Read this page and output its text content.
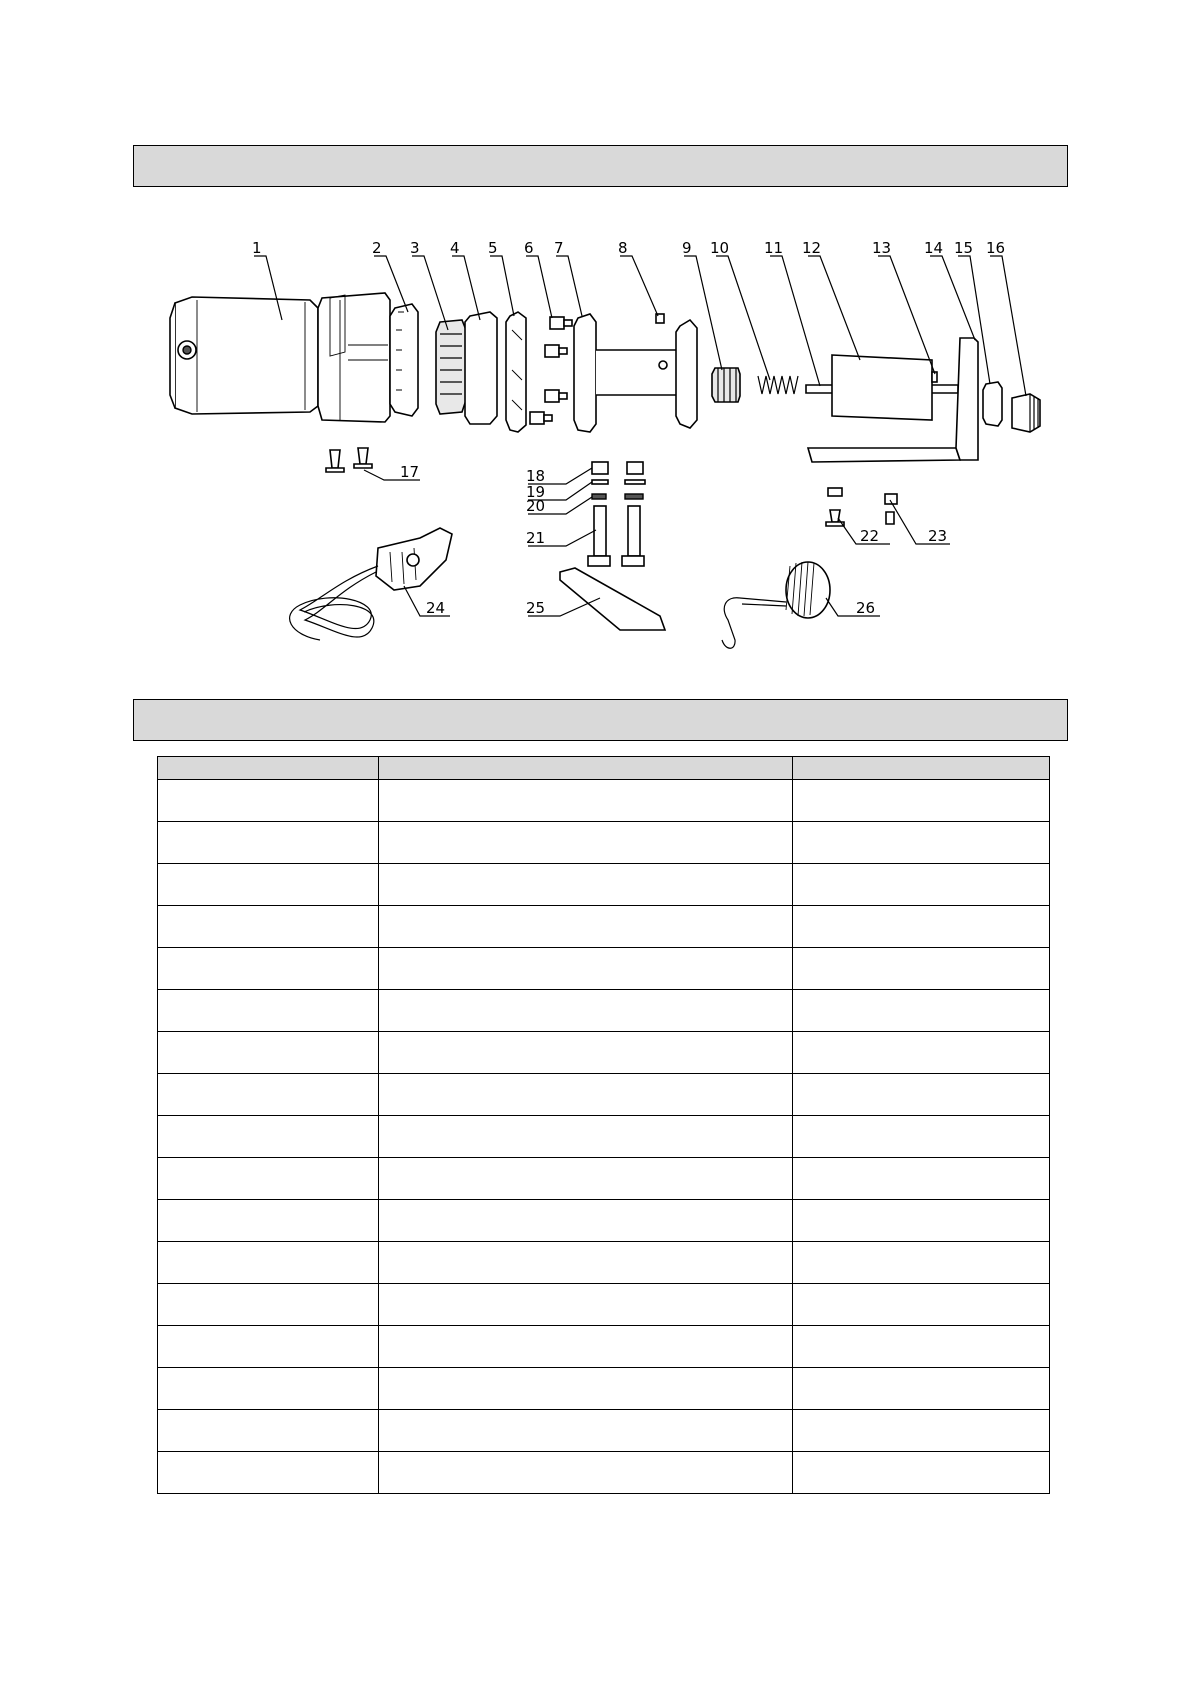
1	2 3 4 5 6 7	8	9 10 11 12	13 14 15 16
17	18
19
20
21	22	23
24	25	26
